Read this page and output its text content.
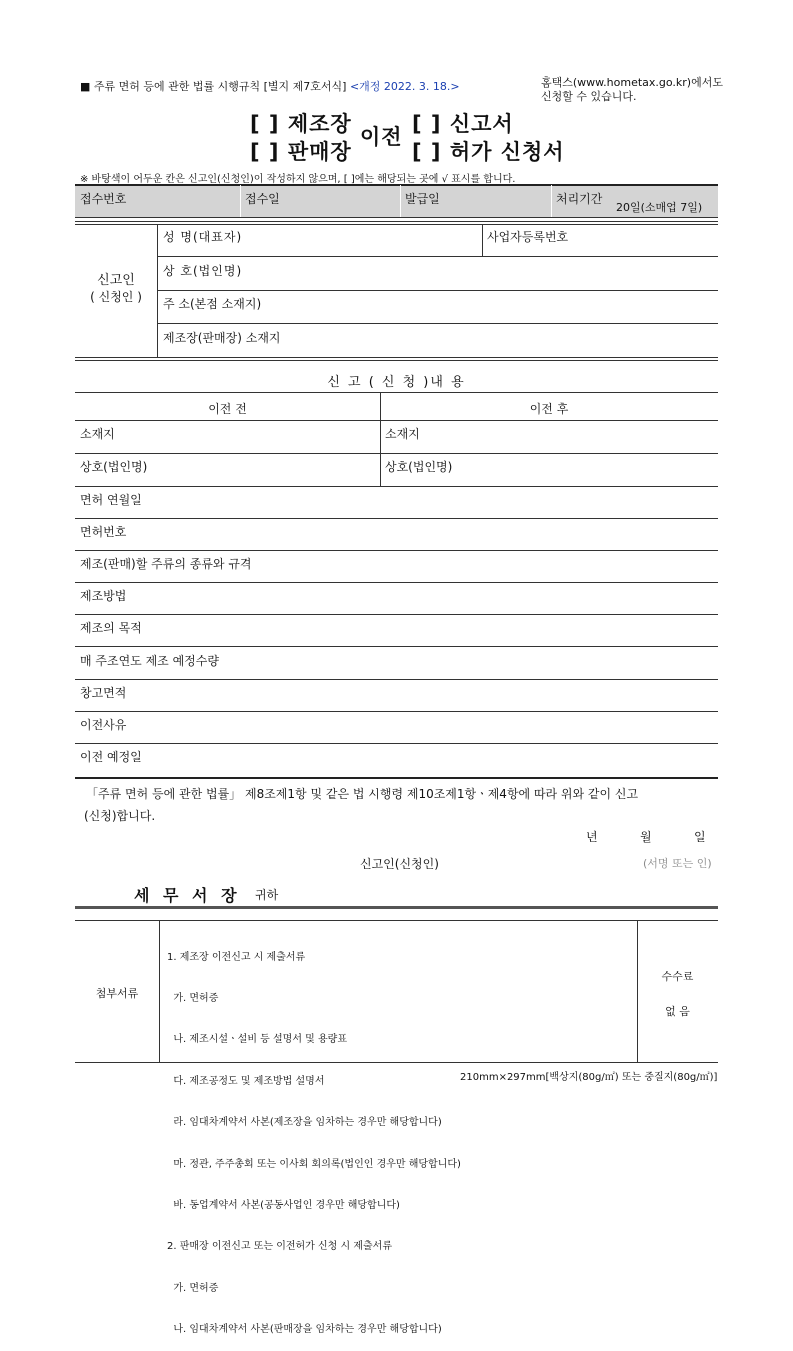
■ 주류 면허 등에 관한 법률 시행규칙 [별지 제7호서식] <개정 2022. 3. 18.>	홈택스(www.hometax.go.kr)에서도
신청할 수 있습니다.
[ ] 제조장
[ ] 판매장
이전
[ ] 신고서
[ ] 허가 신청서
※ 바탕색이 어두운 칸은 신고인(신청인)이 작성하지 않으며, [ ]에는 해당되는 곳에 √ 표시를 합니다.
접수번호	접수일	발급일	처리기간
20일(소매업 7일)
신고인
( 신청인 )
성 명(대표자)	사업자등록번호
상 호(법인명)
주 소(본점 소재지)
제조장(판매장) 소재지
신 고 ( 신 청 )내 용
이전 전	이전 후
소재지	소재지
상호(법인명)	상호(법인명)
면허 연월일
면허번호
제조(판매)할 주류의 종류와 규격
제조방법
제조의 목적
매 주조연도 제조 예정수량
창고면적
이전사유
이전 예정일
「주류 면허 등에 관한 법률」 제8조제1항 및 같은 법 시행령 제10조제1항ㆍ제4항에 따라 위와 같이 신고
(신청)합니다.
년	월	일
신고인(신청인)	(서명 또는 인)
세 무 서 장 귀하
첨부서류

1. 제조장 이전신고 시 제출서류

가. 면허증

나. 제조시설ㆍ설비 등 설명서 및 용량표

다. 제조공정도 및 제조방법 설명서

라. 임대차계약서 사본(제조장을 임차하는 경우만 해당합니다)

마. 정관, 주주총회 또는 이사회 회의록(법인인 경우만 해당합니다)

바. 동업계약서 사본(공동사업인 경우만 해당합니다)

2. 판매장 이전신고 또는 이전허가 신청 시 제출서류

가. 면허증

나. 임대차계약서 사본(판매장을 임차하는 경우만 해당합니다)

수수료
없 음
210mm×297mm[백상지(80g/㎡) 또는 중질지(80g/㎡)]
